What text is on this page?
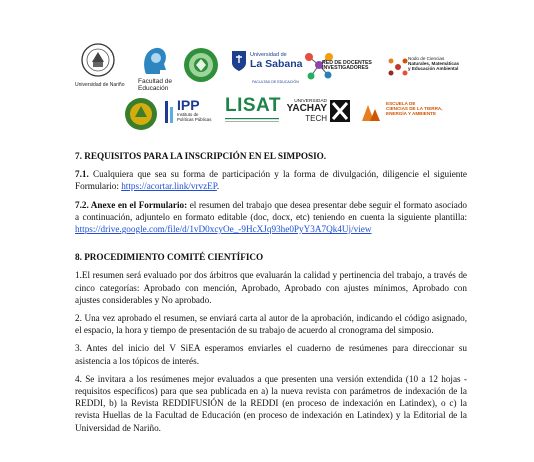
Universidad de Nariño Facultad de
Educación
Universidad de
La Sabana
FACULTAD DE EDUCACIÓN
RED DE DOCENTES
INVESTIGADORES
Nodo de Ciencias
Naturales, Matemáticas
y Educación Ambiental
IPP
Instituto de
Políticas Públicas
LISAT	UNIVERSIDAD
YACHAY
TECH
ESCUELA DE
CIENCIAS DE LA TIERRA,
ENERGÍA Y AMBIENTE

7. REQUISITOS PARA LA INSCRIPCIÓN EN EL SIMPOSIO.

7.1. Cualquiera que sea su forma de participación y la forma de divulgación, diligencie el siguiente Formulario: https://acortar.link/vrvzEP.

7.2. Anexe en el Formulario: el resumen del trabajo que desea presentar debe seguir el formato asociado a continuación, adjuntelo en formato editable (doc, docx, etc) teniendo en cuenta la siguiente plantilla: https://drive.google.com/file/d/1vD0xcyOe_-9HcXJq93he0PyY3A7Qk4Uj/view

8. PROCEDIMIENTO COMITÉ CIENTÍFICO

1.El resumen será evaluado por dos árbitros que evaluarán la calidad y pertinencia del trabajo, a través de cinco categorías: Aprobado con mención, Aprobado, Aprobado con ajustes mínimos, Aprobado con ajustes considerables y No aprobado.

2. Una vez aprobado el resumen, se enviará carta al autor de la aprobación, indicando el código asignado, el espacio, la hora y tiempo de presentación de su trabajo de acuerdo al cronograma del simposio.

3. Antes del inicio del V SiEA esperamos enviarles el cuaderno de resúmenes para direccionar su asistencia a los tópicos de interés.

4. Se invitara a los resúmenes mejor evaluados a que presenten una versión extendida (10 a 12 hojas - requisitos específicos) para que sea publicada en a) la nueva revista con parámetros de indexación de la REDDI, b) la Revista REDDIFUSIÓN de la REDDI (en proceso de indexación en Latindex), o c) la revista Huellas de la Facultad de Educación (en proceso de indexación en Latindex) y la Editorial de la Universidad de Nariño.
